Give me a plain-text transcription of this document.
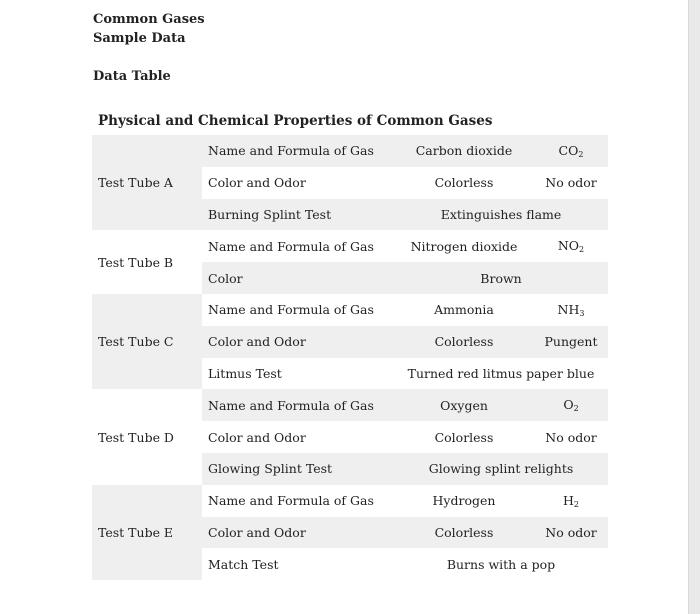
Common Gases
Sample Data
Data Table
Physical and Chemical Properties of Common Gases
Test Tube A	Name and Formula of Gas	Carbon dioxide	$CO_2$
	Color and Odor	Colorless	No odor
	Burning Splint Test	Extinguishes flame	
Test Tube B	Name and Formula of Gas	Nitrogen dioxide	$NO_2$
	Color	Brown	
Test Tube C	Name and Formula of Gas	Ammonia	$NH_3$
	Color and Odor	Colorless	Pungent
	Litmus Test	Turned red litmus paper blue	
Test Tube D	Name and Formula of Gas	Oxygen	$O_2$
	Color and Odor	Colorless	No odor
	Glowing Splint Test	Glowing splint relights	
Test Tube E	Name and Formula of Gas	Hydrogen	$H_2$
	Color and Odor	Colorless	No odor
	Match Test	Burns with a pop	
